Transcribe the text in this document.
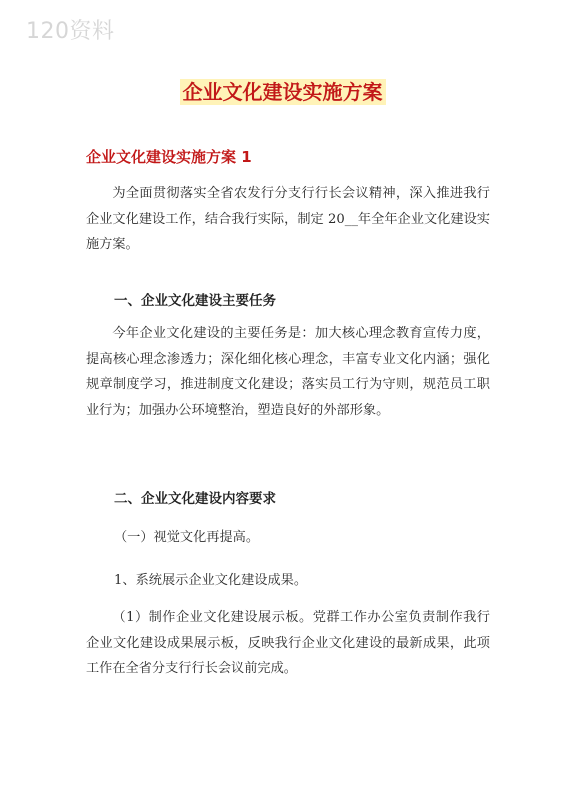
120资料
企业文化建设实施方案
企业文化建设实施方案 1

为全面贯彻落实全省农发行分支行行长会议精神，深入推进我行企业文化建设工作，结合我行实际，制定 20__年全年企业文化建设实施方案。

一、企业文化建设主要任务

今年企业文化建设的主要任务是：加大核心理念教育宣传力度，提高核心理念渗透力；深化细化核心理念，丰富专业文化内涵；强化规章制度学习，推进制度文化建设；落实员工行为守则，规范员工职业行为；加强办公环境整治，塑造良好的外部形象。

二、企业文化建设内容要求
（一）视觉文化再提高。
1、系统展示企业文化建设成果。

（1）制作企业文化建设展示板。党群工作办公室负责制作我行企业文化建设成果展示板，反映我行企业文化建设的最新成果，此项工作在全省分支行行长会议前完成。
